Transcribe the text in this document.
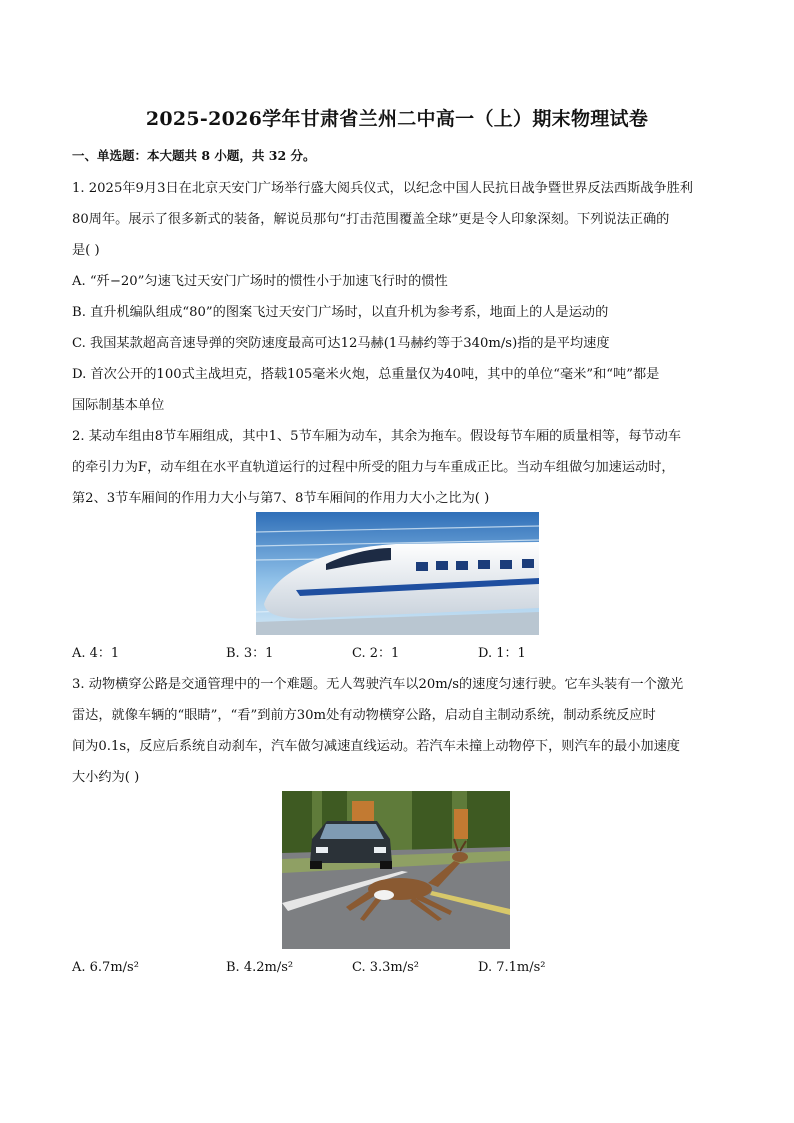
2025-2026学年甘肃省兰州二中高一（上）期末物理试卷
一、单选题：本大题共 8 小题，共 32 分。
1. 2025年9月3日在北京天安门广场举行盛大阅兵仪式，以纪念中国人民抗日战争暨世界反法西斯战争胜利
80周年。展示了很多新式的装备，解说员那句“打击范围覆盖全球”更是令人印象深刻。下列说法正确的
是( )
A. “歼−20”匀速飞过天安门广场时的惯性小于加速飞行时的惯性
B. 直升机编队组成“80”的图案飞过天安门广场时，以直升机为参考系，地面上的人是运动的
C. 我国某款超高音速导弹的突防速度最高可达12马赫(1马赫约等于340m/s)指的是平均速度
D. 首次公开的100式主战坦克，搭载105毫米火炮，总重量仅为40吨，其中的单位“毫米”和“吨”都是
国际制基本单位
2. 某动车组由8节车厢组成，其中1、5节车厢为动车，其余为拖车。假设每节车厢的质量相等，每节动车
的牵引力为F，动车组在水平直轨道运行的过程中所受的阻力与车重成正比。当动车组做匀加速运动时，
第2、3节车厢间的作用力大小与第7、8节车厢间的作用力大小之比为( )
A. 4：1	B. 3：1	C. 2：1	D. 1：1
3. 动物横穿公路是交通管理中的一个难题。无人驾驶汽车以20m/s的速度匀速行驶。它车头装有一个激光
雷达，就像车辆的“眼睛”，“看”到前方30m处有动物横穿公路，启动自主制动系统，制动系统反应时
间为0.1s，反应后系统自动刹车，汽车做匀减速直线运动。若汽车未撞上动物停下，则汽车的最小加速度
大小约为( )
A. 6.7m/s²	B. 4.2m/s²	C. 3.3m/s²	D. 7.1m/s²
